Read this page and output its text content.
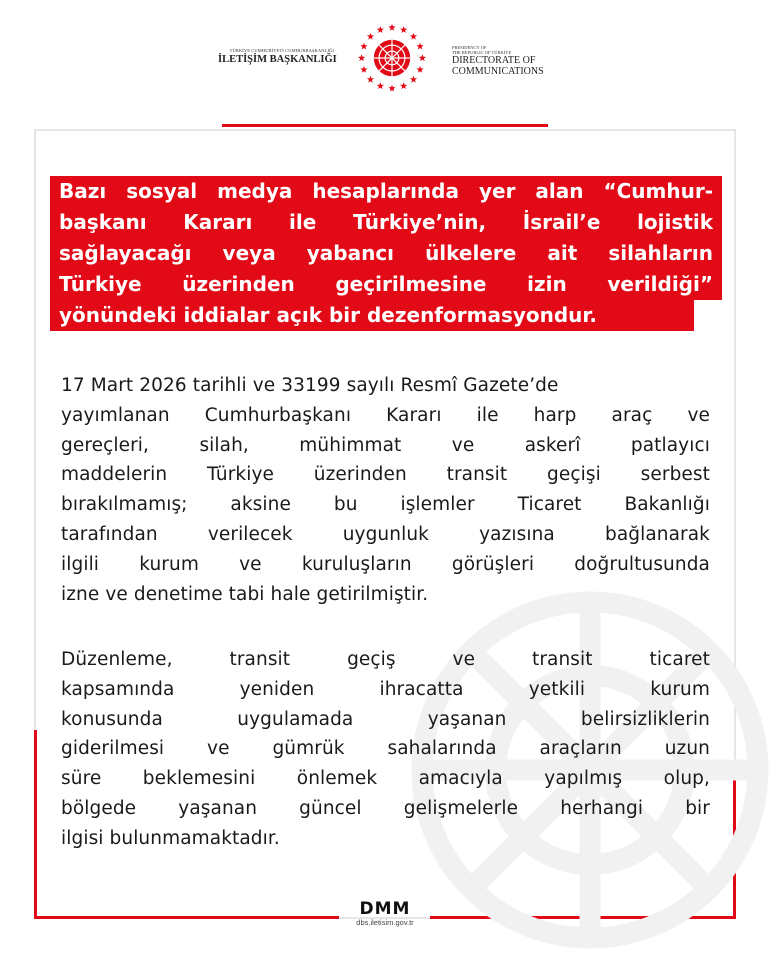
TÜRKİYE CUMHURİYETİ CUMHURBAŞKANLIĞI
İLETİŞİM BAŞKANLIĞI
PRESIDENCY OF
THE REPUBLIC OF TÜRKİYE
DIRECTORATE OF
COMMUNICATIONS
Bazı sosyal medya hesaplarında yer alan “Cumhur-
başkanı Kararı ile Türkiye’nin, İsrail’e lojistik
sağlayacağı veya yabancı ülkelere ait silahların
Türkiye üzerinden geçirilmesine izin verildiği”
yönündeki iddialar açık bir dezenformasyondur.
17 Mart 2026 tarihli ve 33199 sayılı Resmî Gazete’de
yayımlanan Cumhurbaşkanı Kararı ile harp araç ve
gereçleri, silah, mühimmat ve askerî patlayıcı
maddelerin Türkiye üzerinden transit geçişi serbest
bırakılmamış; aksine bu işlemler Ticaret Bakanlığı
tarafından verilecek uygunluk yazısına bağlanarak
ilgili kurum ve kuruluşların görüşleri doğrultusunda
izne ve denetime tabi hale getirilmiştir.
Düzenleme, transit geçiş ve transit ticaret
kapsamında yeniden ihracatta yetkili kurum
konusunda uygulamada yaşanan belirsizliklerin
giderilmesi ve gümrük sahalarında araçların uzun
süre beklemesini önlemek amacıyla yapılmış olup,
bölgede yaşanan güncel gelişmelerle herhangi bir
ilgisi bulunmamaktadır.
DMM
dbs.iletisim.gov.tr
